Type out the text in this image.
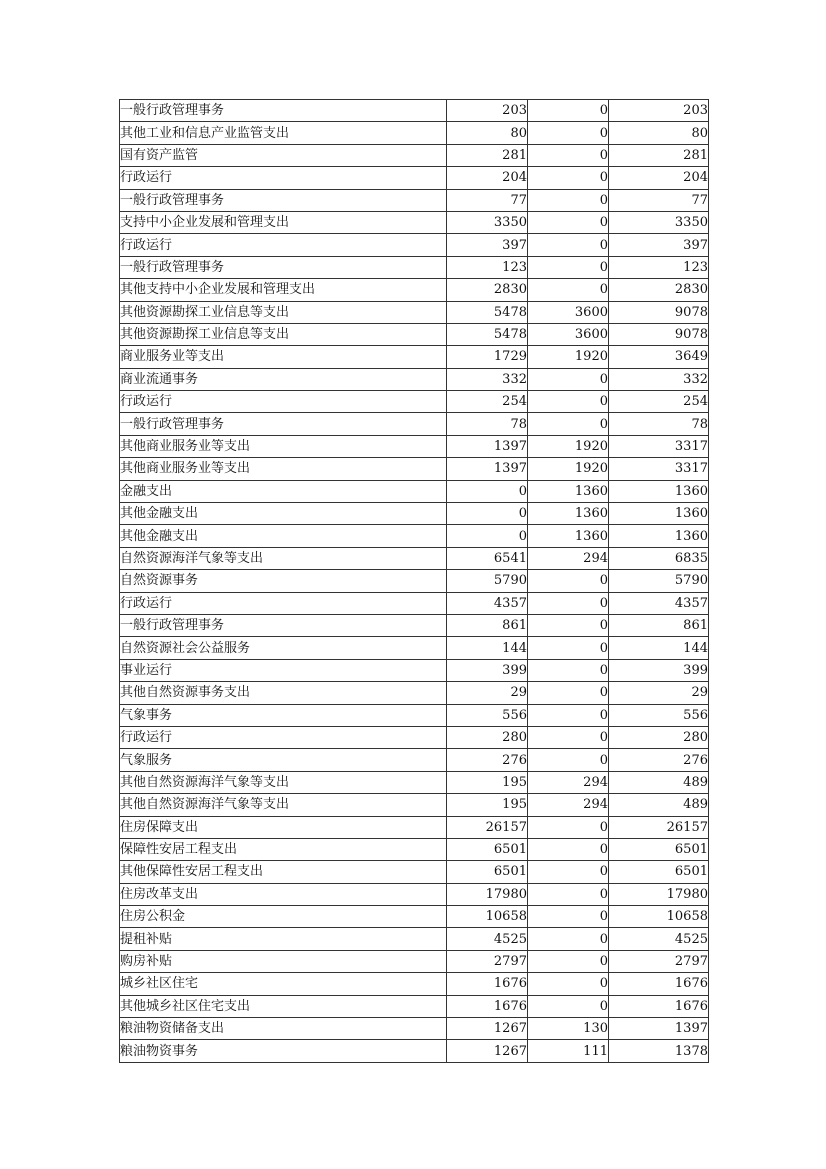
一般行政管理事务	203	0	203
其他工业和信息产业监管支出	80	0	80
国有资产监管	281	0	281
行政运行	204	0	204
一般行政管理事务	77	0	77
支持中小企业发展和管理支出	3350	0	3350
行政运行	397	0	397
一般行政管理事务	123	0	123
其他支持中小企业发展和管理支出	2830	0	2830
其他资源勘探工业信息等支出	5478	3600	9078
其他资源勘探工业信息等支出	5478	3600	9078
商业服务业等支出	1729	1920	3649
商业流通事务	332	0	332
行政运行	254	0	254
一般行政管理事务	78	0	78
其他商业服务业等支出	1397	1920	3317
其他商业服务业等支出	1397	1920	3317
金融支出	0	1360	1360
其他金融支出	0	1360	1360
其他金融支出	0	1360	1360
自然资源海洋气象等支出	6541	294	6835
自然资源事务	5790	0	5790
行政运行	4357	0	4357
一般行政管理事务	861	0	861
自然资源社会公益服务	144	0	144
事业运行	399	0	399
其他自然资源事务支出	29	0	29
气象事务	556	0	556
行政运行	280	0	280
气象服务	276	0	276
其他自然资源海洋气象等支出	195	294	489
其他自然资源海洋气象等支出	195	294	489
住房保障支出	26157	0	26157
保障性安居工程支出	6501	0	6501
其他保障性安居工程支出	6501	0	6501
住房改革支出	17980	0	17980
住房公积金	10658	0	10658
提租补贴	4525	0	4525
购房补贴	2797	0	2797
城乡社区住宅	1676	0	1676
其他城乡社区住宅支出	1676	0	1676
粮油物资储备支出	1267	130	1397
粮油物资事务	1267	111	1378
